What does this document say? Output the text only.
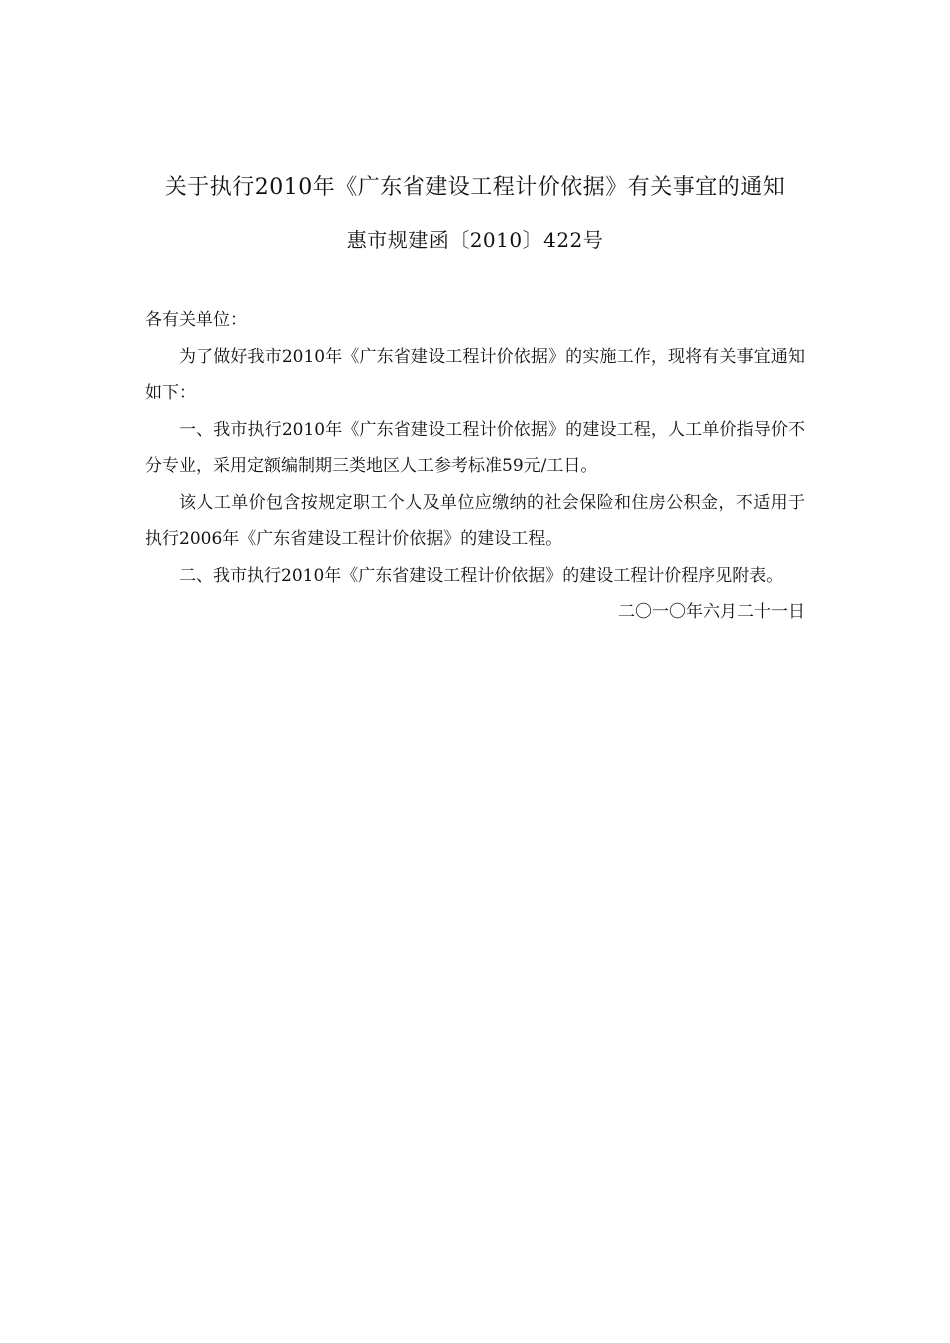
关于执行2010年《广东省建设工程计价依据》有关事宜的通知
惠市规建函〔2010〕422号

各有关单位：

为了做好我市2010年《广东省建设工程计价依据》的实施工作，现将有关事宜通知如下：

一、我市执行2010年《广东省建设工程计价依据》的建设工程，人工单价指导价不分专业，采用定额编制期三类地区人工参考标准59元/工日。

该人工单价包含按规定职工个人及单位应缴纳的社会保险和住房公积金，不适用于执行2006年《广东省建设工程计价依据》的建设工程。

二、我市执行2010年《广东省建设工程计价依据》的建设工程计价程序见附表。

二〇一〇年六月二十一日
